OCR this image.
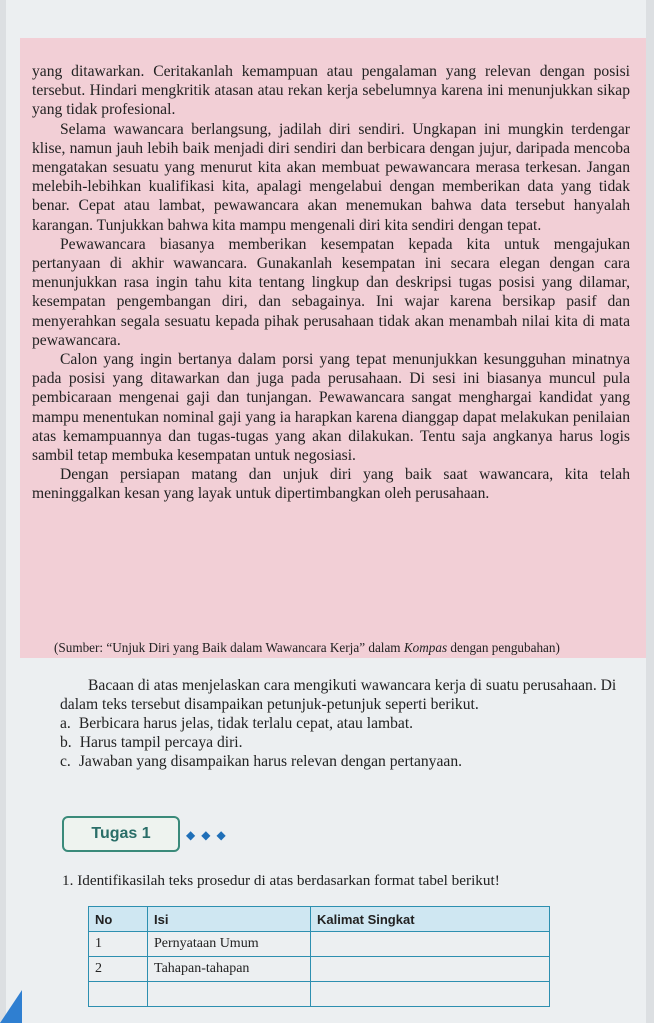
yang ditawarkan. Ceritakanlah kemampuan atau pengalaman yang relevan dengan posisi tersebut. Hindari mengkritik atasan atau rekan kerja sebelumnya karena ini menunjukkan sikap yang tidak profesional.

Selama wawancara berlangsung, jadilah diri sendiri. Ungkapan ini mungkin terdengar klise, namun jauh lebih baik menjadi diri sendiri dan berbicara dengan jujur, daripada mencoba mengatakan sesuatu yang menurut kita akan membuat pewawancara merasa terkesan. Jangan melebih-lebihkan kualifikasi kita, apalagi mengelabui dengan memberikan data yang tidak benar. Cepat atau lambat, pewawancara akan menemukan bahwa data tersebut hanyalah karangan. Tunjukkan bahwa kita mampu mengenali diri kita sendiri dengan tepat.

Pewawancara biasanya memberikan kesempatan kepada kita untuk mengajukan pertanyaan di akhir wawancara. Gunakanlah kesempatan ini secara elegan dengan cara menunjukkan rasa ingin tahu kita tentang lingkup dan deskripsi tugas posisi yang dilamar, kesempatan pengembangan diri, dan sebagainya. Ini wajar karena bersikap pasif dan menyerahkan segala sesuatu kepada pihak perusahaan tidak akan menambah nilai kita di mata pewawancara.

Calon yang ingin bertanya dalam porsi yang tepat menunjukkan kesungguhan minatnya pada posisi yang ditawarkan dan juga pada perusahaan. Di sesi ini biasanya muncul pula pembicaraan mengenai gaji dan tunjangan. Pewawancara sangat menghargai kandidat yang mampu menentukan nominal gaji yang ia harapkan karena dianggap dapat melakukan penilaian atas kemampuannya dan tugas-tugas yang akan dilakukan. Tentu saja angkanya harus logis sambil tetap membuka kesempatan untuk negosiasi.

Dengan persiapan matang dan unjuk diri yang baik saat wawancara, kita telah meninggalkan kesan yang layak untuk dipertimbangkan oleh perusahaan.

(Sumber: “Unjuk Diri yang Baik dalam Wawancara Kerja” dalam Kompas dengan pengubahan)

Bacaan di atas menjelaskan cara mengikuti wawancara kerja di suatu perusahaan. Di dalam teks tersebut disampaikan petunjuk-petunjuk seperti berikut.

a. Berbicara harus jelas, tidak terlalu cepat, atau lambat.
b. Harus tampil percaya diri.
c. Jawaban yang disampaikan harus relevan dengan pertanyaan.
Tugas 1	◆ ◆ ◆
1. Identifikasilah teks prosedur di atas berdasarkan format tabel berikut!
No	Isi	Kalimat Singkat
1	Pernyataan Umum	
2	Tahapan-tahapan	
